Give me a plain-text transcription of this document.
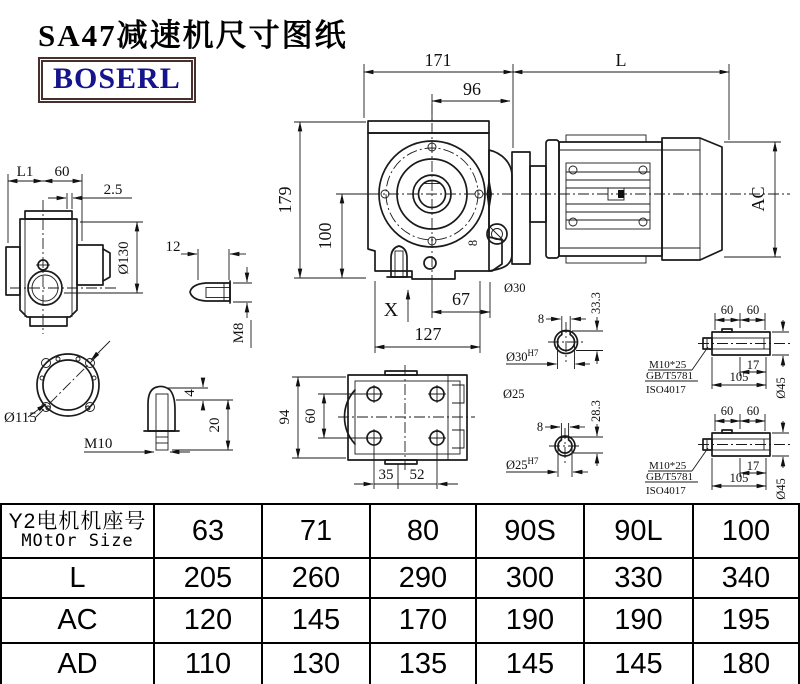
SA47减速机尺寸图纸
BOSERL
171	L
96
179
100
AC
Ø30
8
67
127
X
L1 60
2.5
Ø130
Ø115
4
20
M10
12
M8
94 60
35 52
8
33.3
$Ø30^{H7}$
Ø25
8
28.3
$Ø25^{H7}$
60 60
17
105
Ø45
M10*25
GB/T5781
ISO4017
60 60
17
105
Ø45
M10*25
GB/T5781
ISO4017
Y2电机机座号
MOtOr Size	63	71	80	90S	90L	100
L	205	260	290	300	330	340
AC	120	145	170	190	190	195
AD	110	130	135	145	145	180
